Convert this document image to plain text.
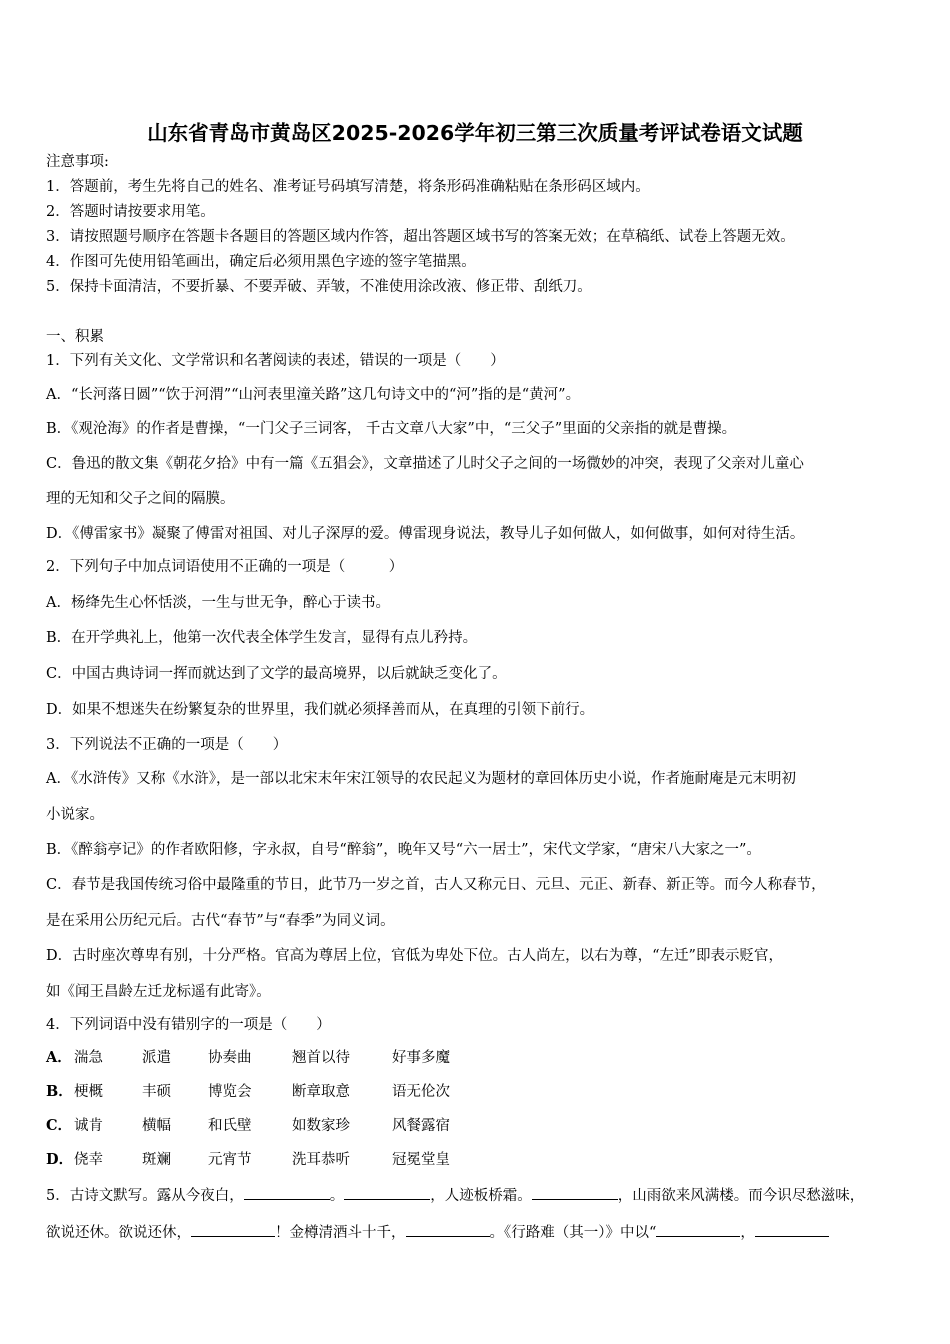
山东省青岛市黄岛区2025-2026学年初三第三次质量考评试卷语文试题
注意事项:
1．答题前，考生先将自己的姓名、准考证号码填写清楚，将条形码准确粘贴在条形码区域内。
2．答题时请按要求用笔。
3．请按照题号顺序在答题卡各题目的答题区域内作答，超出答题区域书写的答案无效；在草稿纸、试卷上答题无效。
4．作图可先使用铅笔画出，确定后必须用黑色字迹的签字笔描黑。
5．保持卡面清洁，不要折暴、不要弄破、弄皱，不准使用涂改液、修正带、刮纸刀。
一、积累
1．下列有关文化、文学常识和名著阅读的表述，错误的一项是（　　）
A．“长河落日圆”“饮于河渭”“山河表里潼关路”这几句诗文中的“河”指的是“黄河”。
B．《观沧海》的作者是曹操，“一门父子三词客， 千古文章八大家”中，“三父子”里面的父亲指的就是曹操。
C．鲁迅的散文集《朝花夕拾》中有一篇《五猖会》，文章描述了儿时父子之间的一场微妙的冲突，表现了父亲对儿童心
理的无知和父子之间的隔膜。
D．《傅雷家书》凝聚了傅雷对祖国、对儿子深厚的爱。傅雷现身说法，教导儿子如何做人，如何做事，如何对待生活。
2．下列句子中加点词语使用不正确的一项是（　　　）
A．杨绛先生心怀恬淡，一生与世无争，醉心于读书。
B．在开学典礼上，他第一次代表全体学生发言，显得有点儿矜持。
C．中国古典诗词一挥而就达到了文学的最高境界，以后就缺乏变化了。
D．如果不想迷失在纷繁复杂的世界里，我们就必须择善而从，在真理的引领下前行。
3．下列说法不正确的一项是（　　）
A．《水浒传》又称《水浒》，是一部以北宋末年宋江领导的农民起义为题材的章回体历史小说，作者施耐庵是元末明初
小说家。
B．《醉翁亭记》的作者欧阳修，字永叔，自号“醉翁”，晚年又号“六一居士”，宋代文学家，“唐宋八大家之一”。
C．春节是我国传统习俗中最隆重的节日，此节乃一岁之首，古人又称元日、元旦、元正、新春、新正等。而今人称春节，
是在采用公历纪元后。古代“春节”与“春季”为同义词。
D．古时座次尊卑有别，十分严格。官高为尊居上位，官低为卑处下位。古人尚左，以右为尊，“左迁”即表示贬官，
如《闻王昌龄左迁龙标遥有此寄》。
4．下列词语中没有错别字的一项是（　　）
A． 湍急	派遣	协奏曲	翘首以待	好事多魔
B．梗概	丰硕	博览会	断章取意	语无伦次
C． 诚肯	横幅	和氏壁	如数家珍	风餐露宿
D．侥幸	斑斓	元宵节	洗耳恭听	冠冕堂皇
5．古诗文默写。露从今夜白，	。	，人迹板桥霜。	，山雨欲来风满楼。而今识尽愁滋味，
欲说还休。欲说还休，	！金樽清酒斗十千，	。《行路难（其一）》中以“	，
